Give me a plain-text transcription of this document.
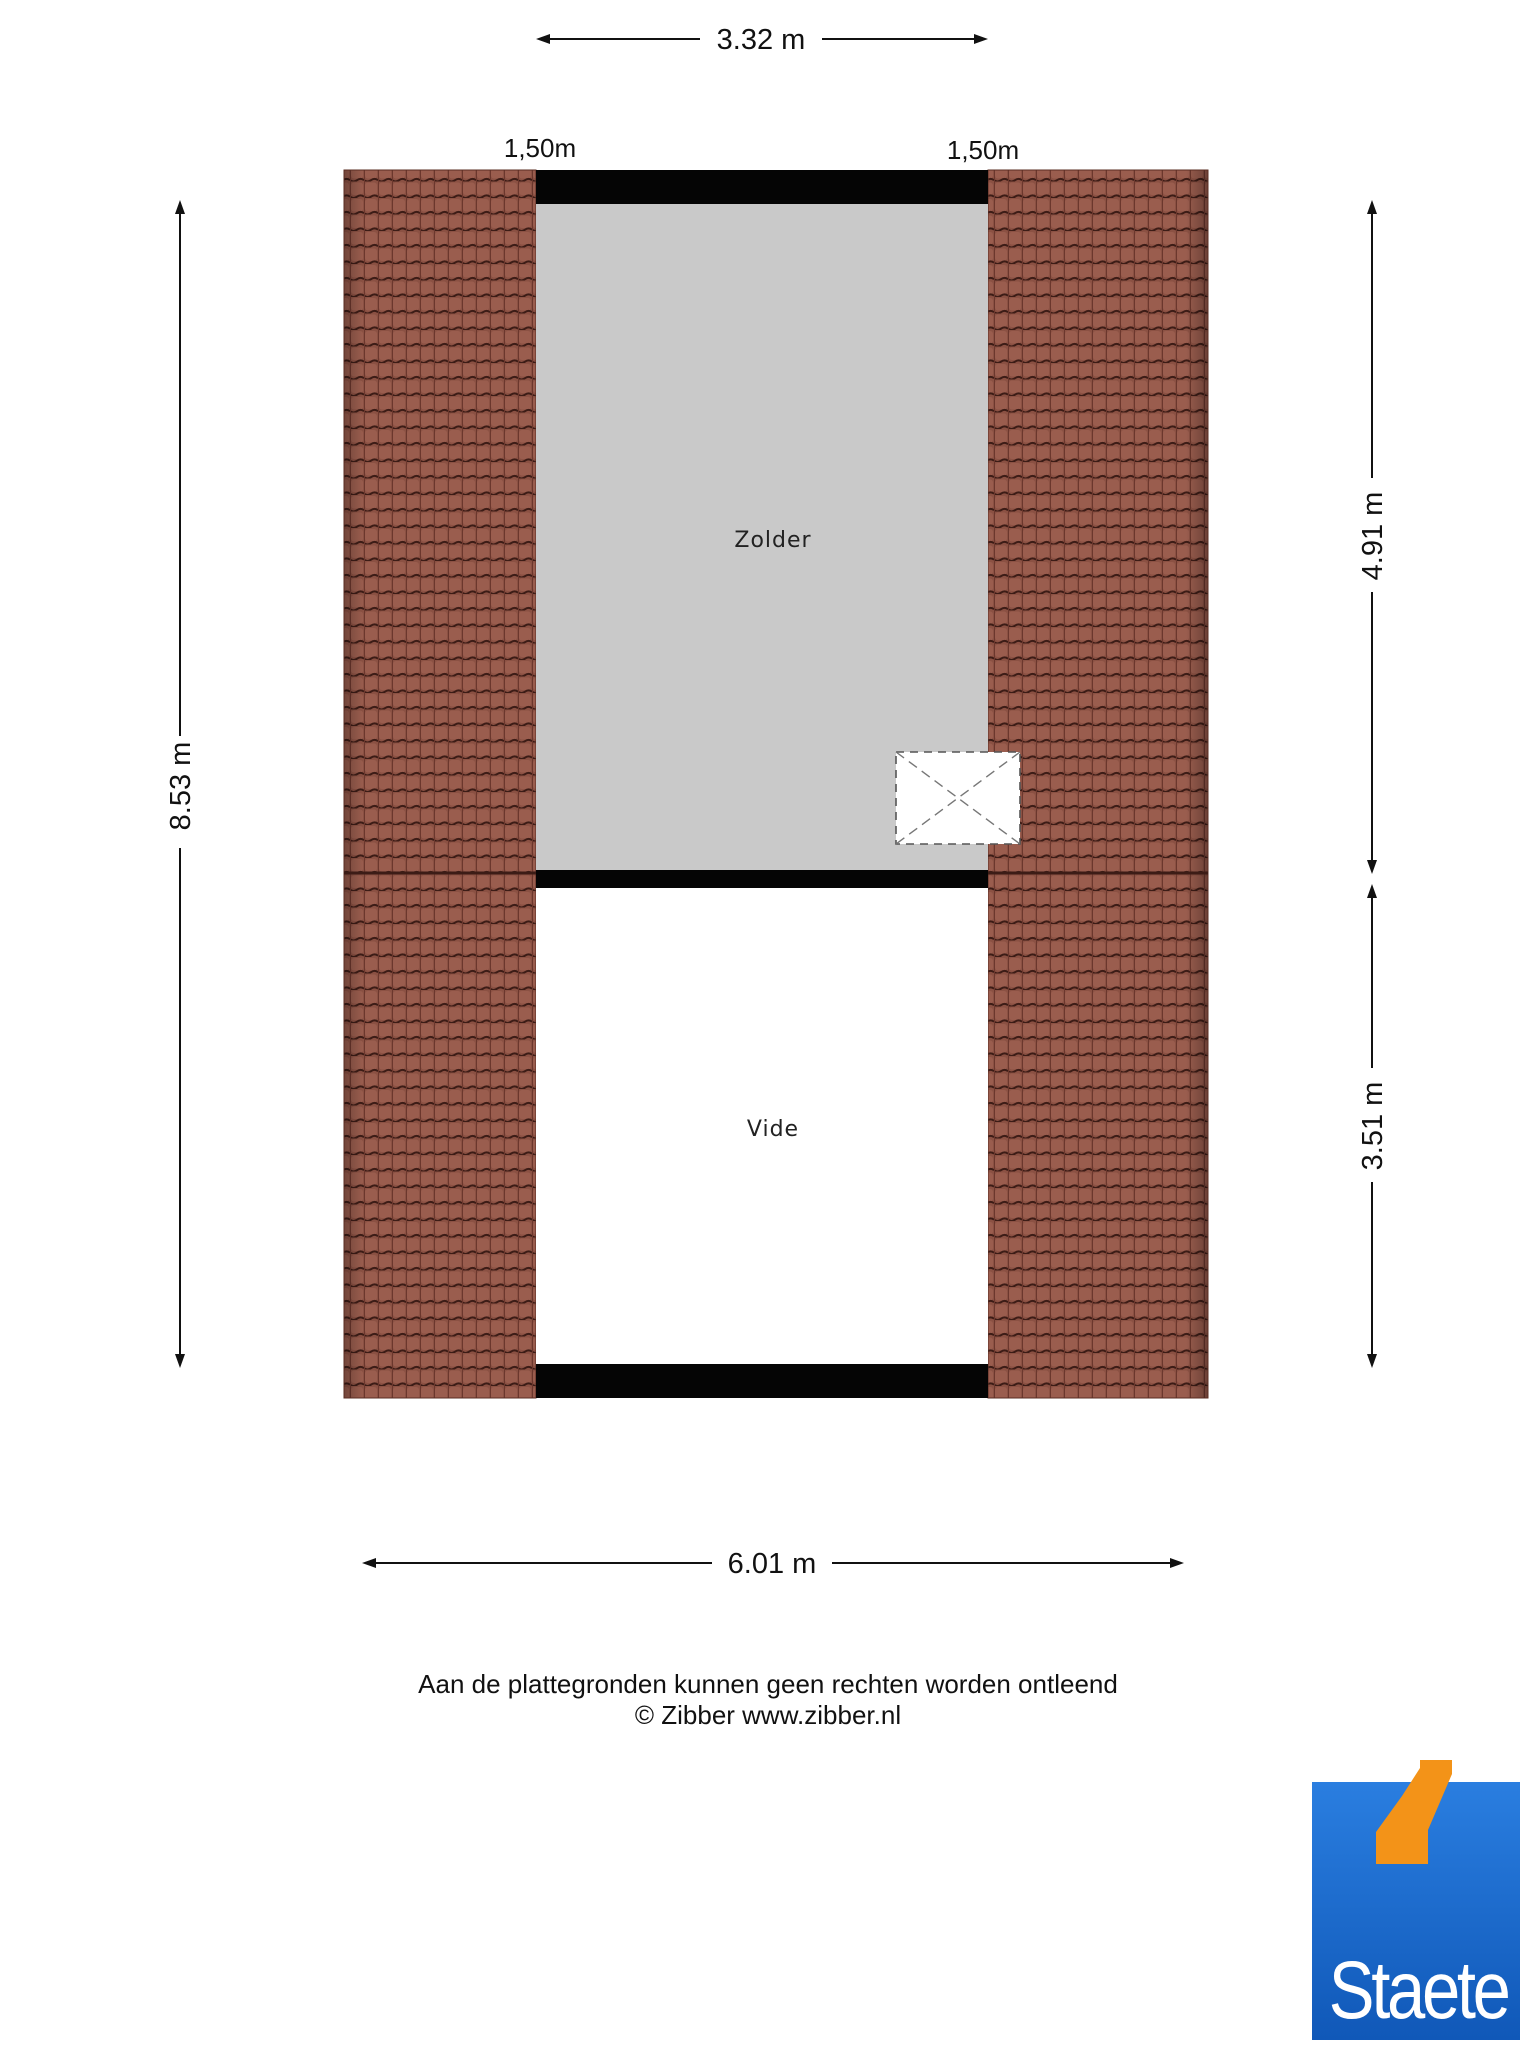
Zolder
Vide
3.32 m
1,50m	1,50m
8.53 m
4.91 m
3.51 m
6.01 m
Aan de plattegronden kunnen geen rechten worden ontleend
© Zibber www.zibber.nl
Staete
